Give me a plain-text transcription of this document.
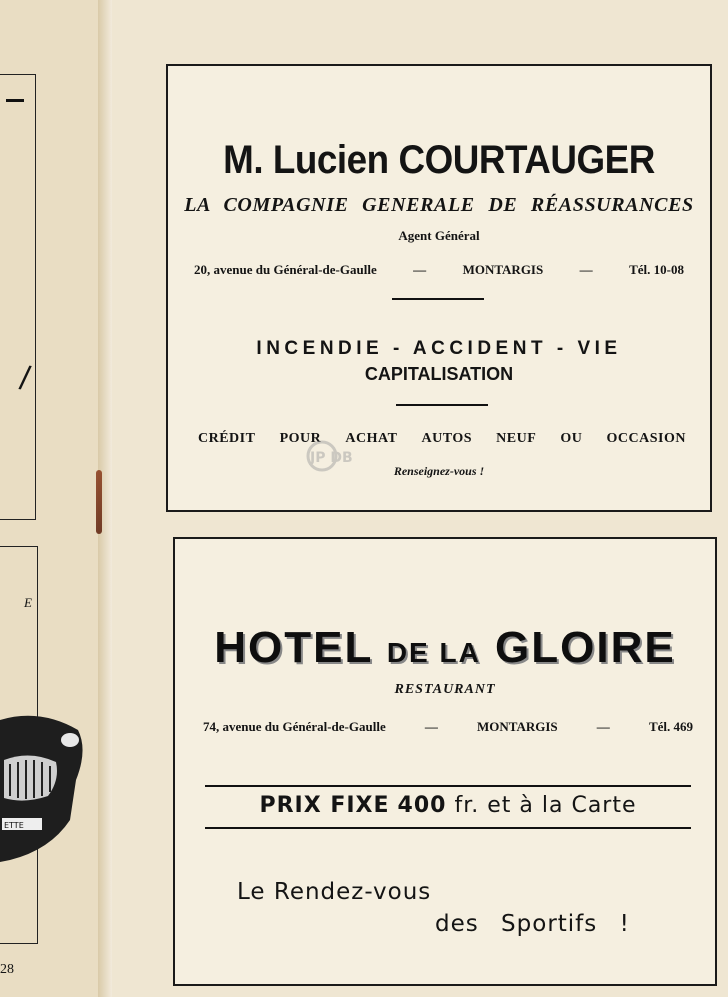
/
E
ETTE
28
M. Lucien COURTAUGER
LA COMPAGNIE GENERALE DE RÉASSURANCES
Agent Général
20, avenue du Général-de-Gaulle	—	MONTARGIS	—	Tél. 10-08
INCENDIE - ACCIDENT - VIE
CAPITALISATION
CRÉDIT POUR ACHAT AUTOS NEUF OU OCCASION
Renseignez-vous !
HOTEL DE LA GLOIRE
RESTAURANT
74, avenue du Général-de-Gaulle	—	MONTARGIS	—	Tél. 469
PRIX FIXE 400 fr. et à la Carte
Le Rendez-vous
des Sportifs !
JP DB
